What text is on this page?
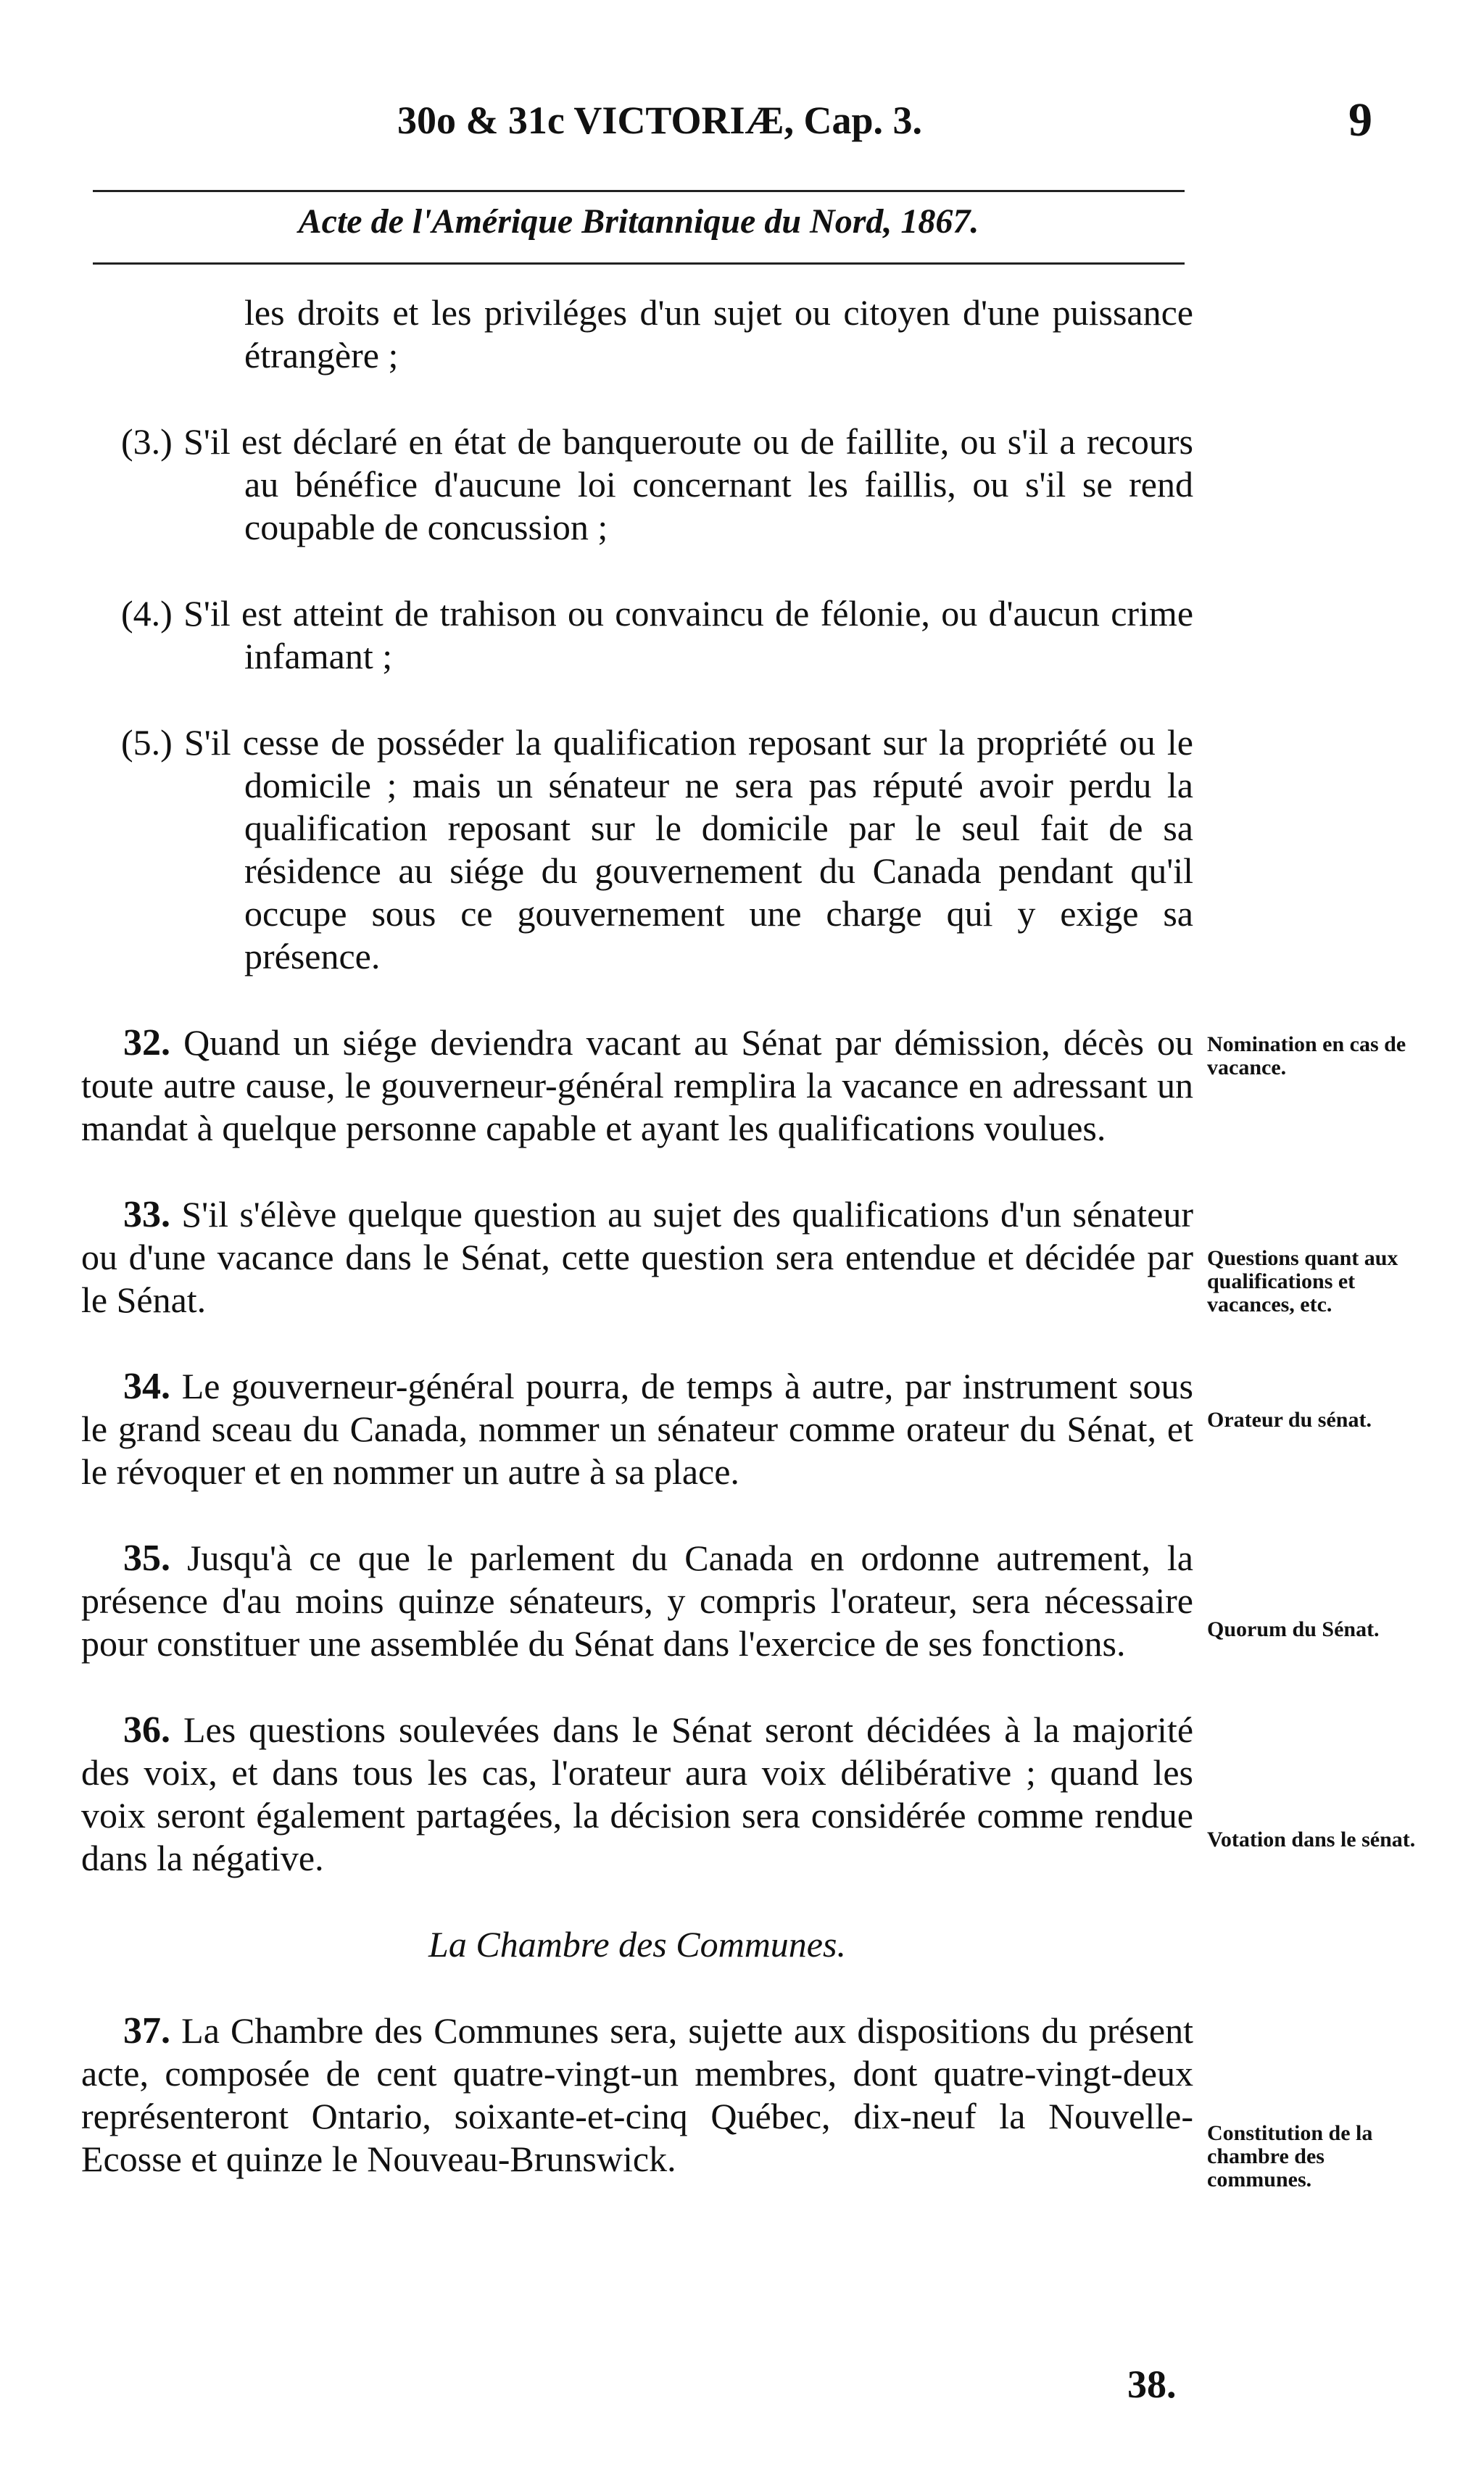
30o & 31c VICTORIÆ, Cap. 3.	9
Acte de l'Amérique Britannique du Nord, 1867.

les droits et les priviléges d'un sujet ou citoyen d'une puissance étrangère ;

(3.) S'il est déclaré en état de banqueroute ou de faillite, ou s'il a recours au bénéfice d'aucune loi concernant les faillis, ou s'il se rend coupable de concussion ;

(4.) S'il est atteint de trahison ou convaincu de félonie, ou d'aucun crime infamant ;

(5.) S'il cesse de posséder la qualification reposant sur la propriété ou le domicile ; mais un sénateur ne sera pas réputé avoir perdu la qualification reposant sur le domicile par le seul fait de sa résidence au siége du gouvernement du Canada pendant qu'il occupe sous ce gouvernement une charge qui y exige sa présence.

32. Quand un siége deviendra vacant au Sénat par démission, décès ou toute autre cause, le gouverneur-général remplira la vacance en adressant un mandat à quelque personne capable et ayant les qualifications voulues.

33. S'il s'élève quelque question au sujet des qualifications d'un sénateur ou d'une vacance dans le Sénat, cette question sera entendue et décidée par le Sénat.

34. Le gouverneur-général pourra, de temps à autre, par instrument sous le grand sceau du Canada, nommer un sénateur comme orateur du Sénat, et le révoquer et en nommer un autre à sa place.

35. Jusqu'à ce que le parlement du Canada en ordonne autrement, la présence d'au moins quinze sénateurs, y compris l'orateur, sera nécessaire pour constituer une assemblée du Sénat dans l'exercice de ses fonctions.

36. Les questions soulevées dans le Sénat seront décidées à la majorité des voix, et dans tous les cas, l'orateur aura voix délibérative ; quand les voix seront également partagées, la décision sera considérée comme rendue dans la négative.

La Chambre des Communes.

37. La Chambre des Communes sera, sujette aux dispositions du présent acte, composée de cent quatre-vingt-un membres, dont quatre-vingt-deux représenteront Ontario, soixante-et-cinq Québec, dix-neuf la Nouvelle-Ecosse et quinze le Nouveau-Brunswick.

Nomination en cas de vacance.
Questions quant aux qualifications et vacances, etc.
Orateur du sénat.
Quorum du Sénat.
Votation dans le sénat.
Constitution de la chambre des communes.
38.
